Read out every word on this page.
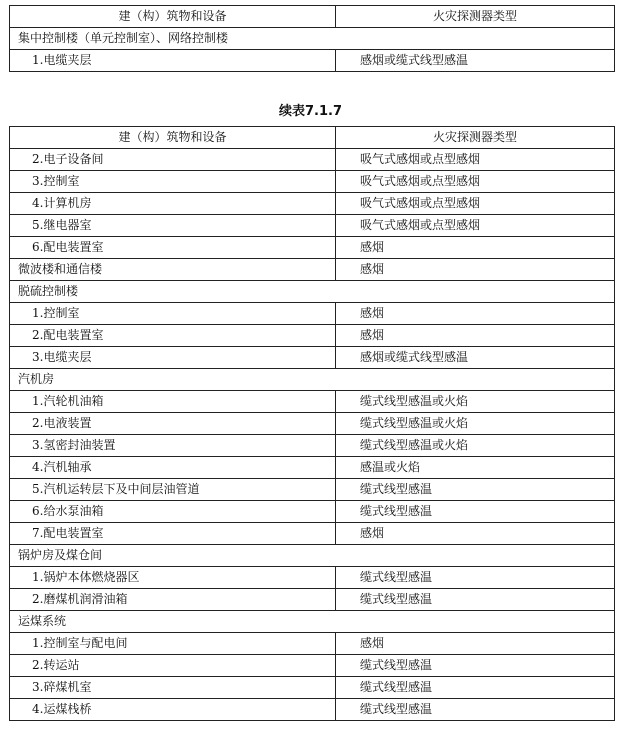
建（构）筑物和设备	火灾探测器类型
集中控制楼（单元控制室）、网络控制楼	
1.电缆夹层	感烟或缆式线型感温
续表7.1.7
建（构）筑物和设备	火灾探测器类型
2.电子设备间	吸气式感烟或点型感烟
3.控制室	吸气式感烟或点型感烟
4.计算机房	吸气式感烟或点型感烟
5.继电器室	吸气式感烟或点型感烟
6.配电装置室	感烟
微波楼和通信楼	感烟
脱硫控制楼	
1.控制室	感烟
2.配电装置室	感烟
3.电缆夹层	感烟或缆式线型感温
汽机房	
1.汽轮机油箱	缆式线型感温或火焰
2.电液装置	缆式线型感温或火焰
3.氢密封油装置	缆式线型感温或火焰
4.汽机轴承	感温或火焰
5.汽机运转层下及中间层油管道	缆式线型感温
6.给水泵油箱	缆式线型感温
7.配电装置室	感烟
锅炉房及煤仓间	
1.锅炉本体燃烧器区	缆式线型感温
2.磨煤机润滑油箱	缆式线型感温
运煤系统	
1.控制室与配电间	感烟
2.转运站	缆式线型感温
3.碎煤机室	缆式线型感温
4.运煤栈桥	缆式线型感温
